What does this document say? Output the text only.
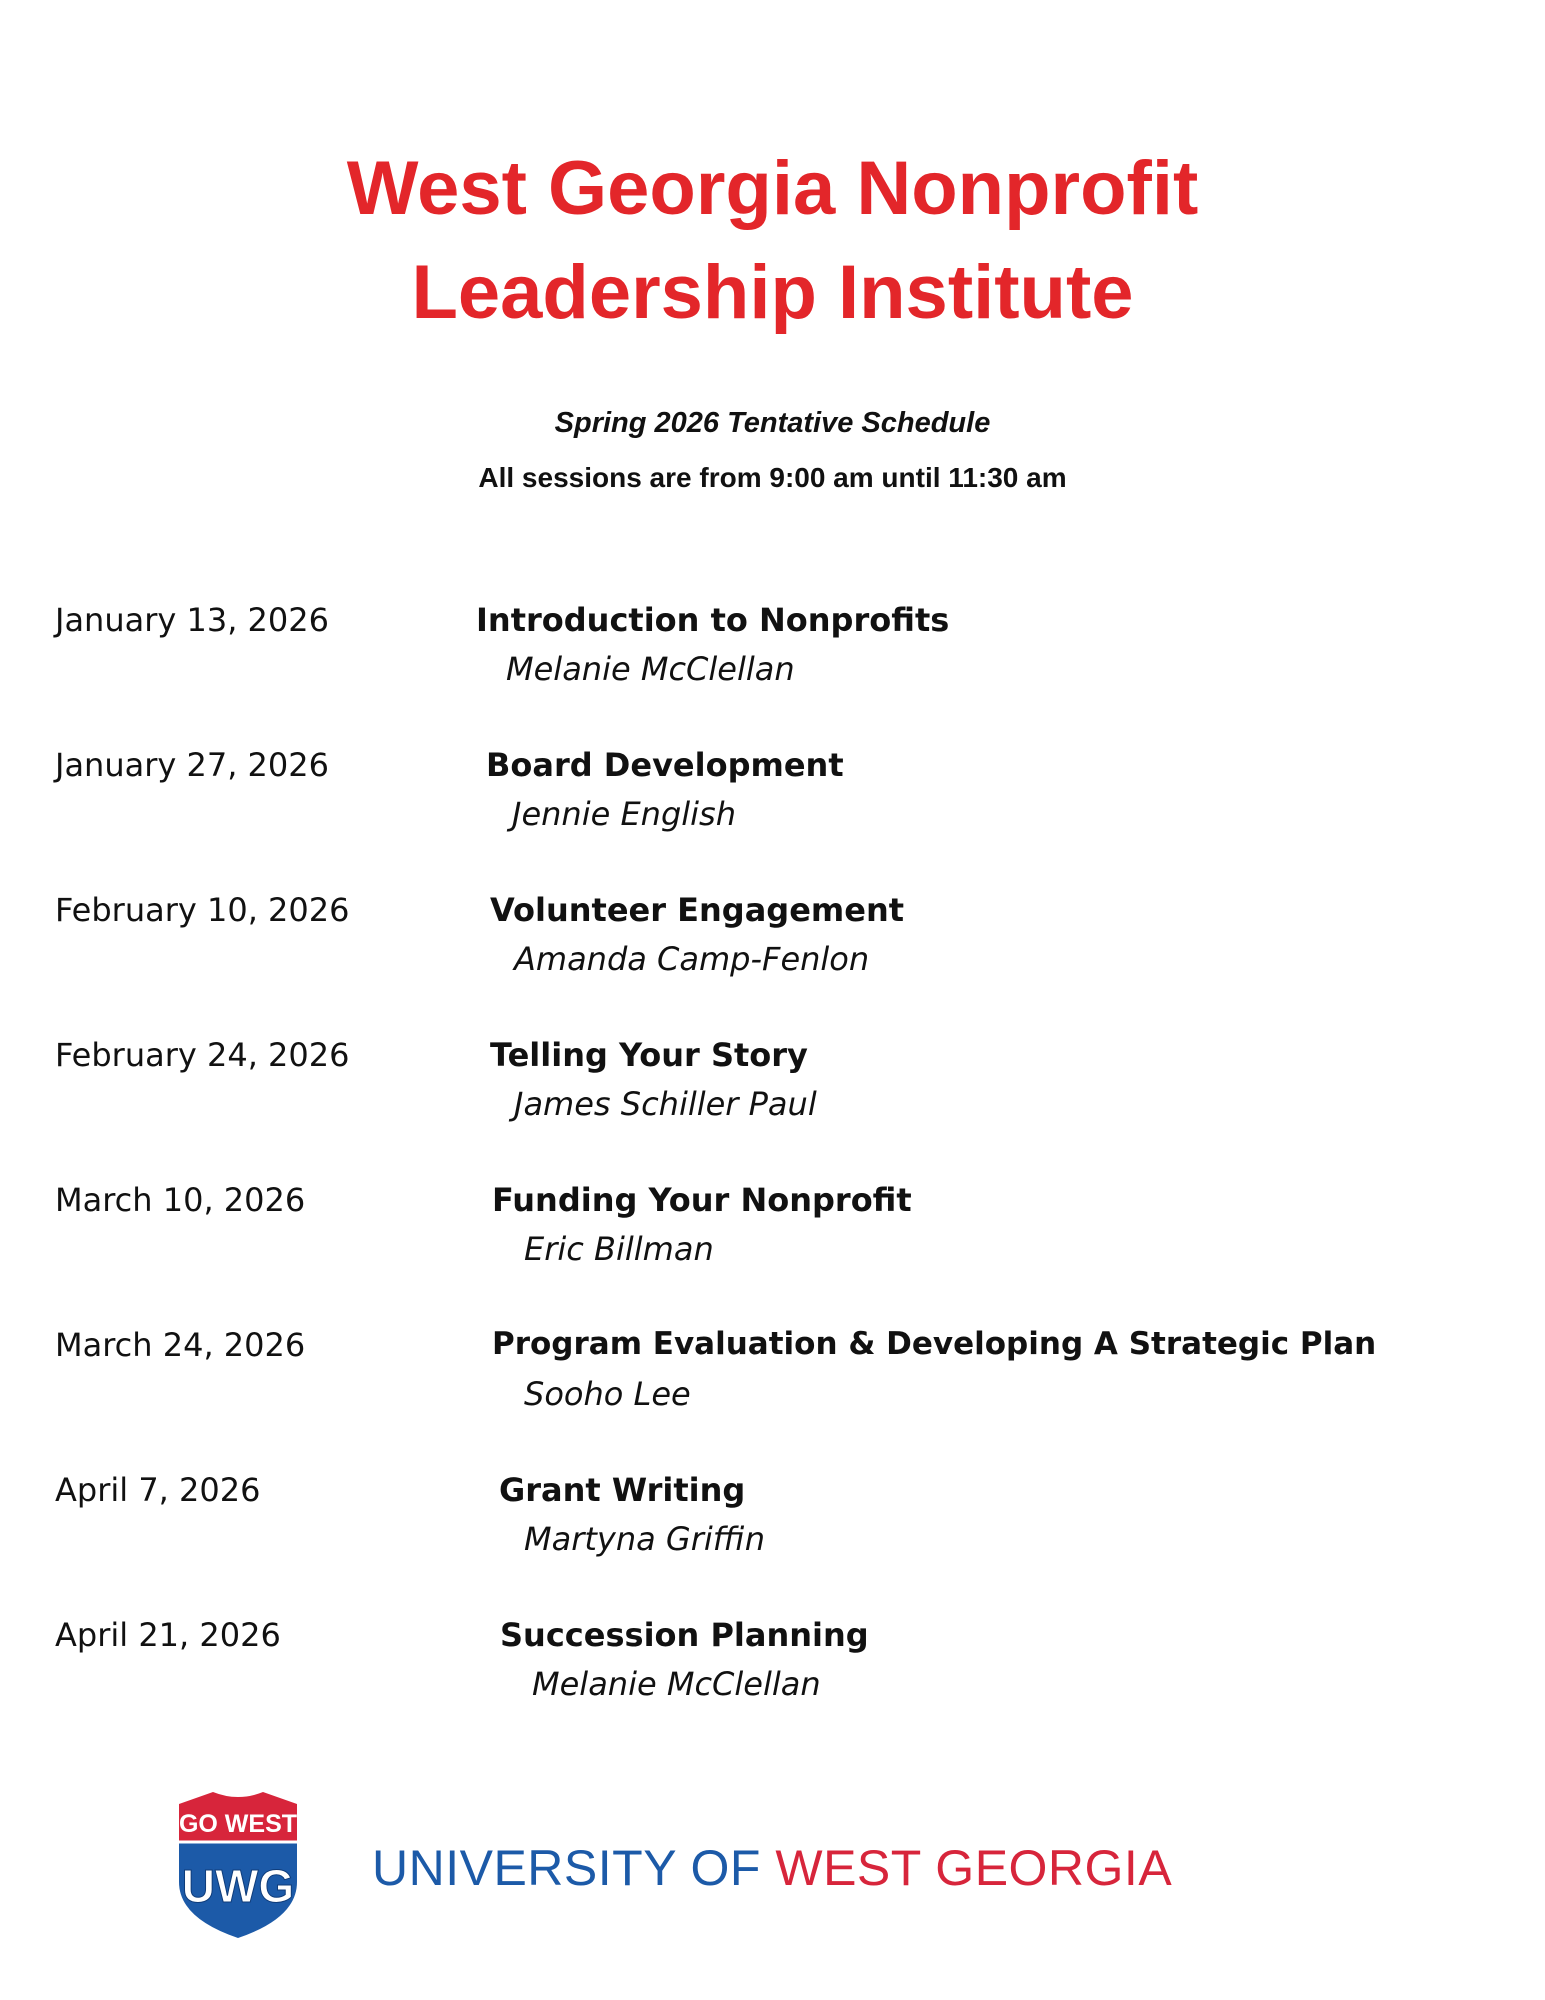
West Georgia Nonprofit
Leadership Institute
Spring 2026 Tentative Schedule
All sessions are from 9:00 am until 11:30 am
January 13, 2026	Introduction to Nonprofits
Melanie McClellan
January 27, 2026	Board Development
Jennie English
February 10, 2026	Volunteer Engagement
Amanda Camp-Fenlon
February 24, 2026	Telling Your Story
James Schiller Paul
March 10, 2026	Funding Your Nonprofit
Eric Billman
March 24, 2026	Program Evaluation & Developing A Strategic Plan
Sooho Lee
April 7, 2026	Grant Writing
Martyna Griffin
April 21, 2026	Succession Planning
Melanie McClellan
GO WEST
UWG UNIVERSITY OF WEST GEORGIA
